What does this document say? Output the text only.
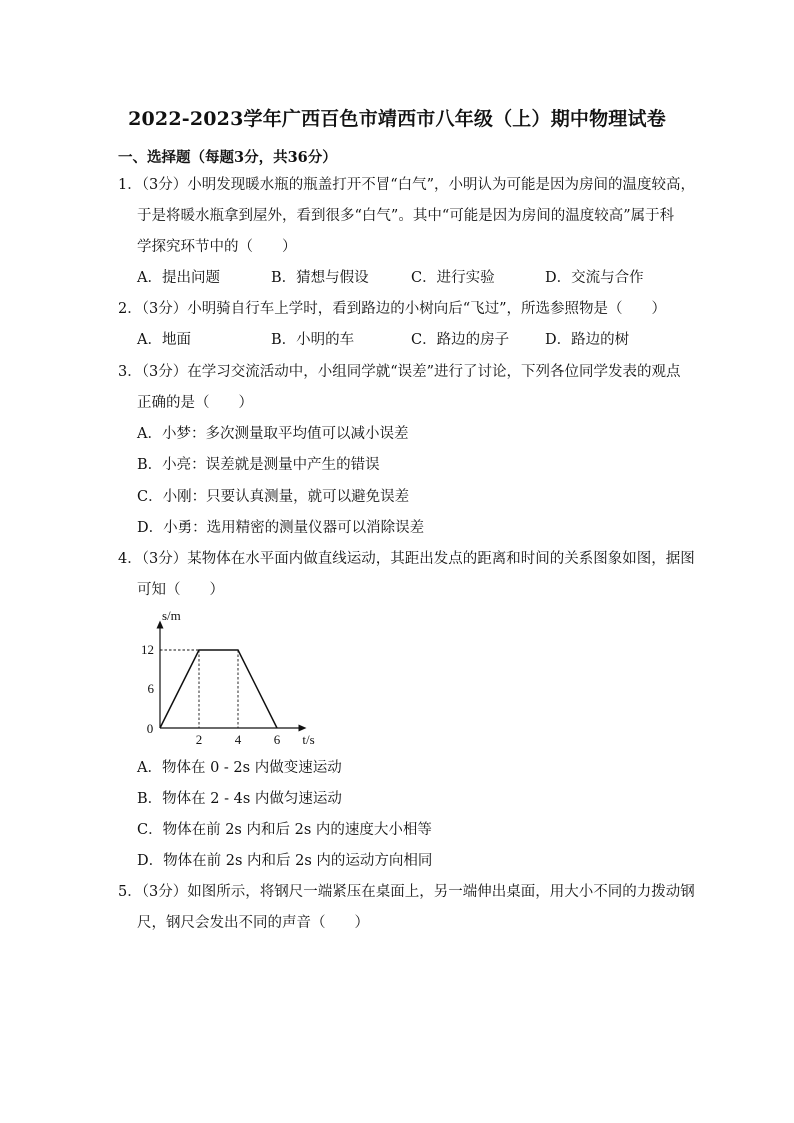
2022-2023学年广西百色市靖西市八年级（上）期中物理试卷
一、选择题（每题3分，共36分）
1．（3分）小明发现暖水瓶的瓶盖打开不冒“白气”，小明认为可能是因为房间的温度较高，
于是将暖水瓶拿到屋外，看到很多“白气”。其中“可能是因为房间的温度较高”属于科
学探究环节中的（　　）
A．提出问题	B．猜想与假设	C．进行实验	D．交流与合作
2．（3分）小明骑自行车上学时，看到路边的小树向后“飞过”，所选参照物是（　　）
A．地面	B．小明的车	C．路边的房子 D．路边的树
3．（3分）在学习交流活动中，小组同学就“误差”进行了讨论，下列各位同学发表的观点
正确的是（　　）
A．小梦：多次测量取平均值可以减小误差
B．小亮：误差就是测量中产生的错误
C．小刚：只要认真测量，就可以避免误差
D．小勇：选用精密的测量仪器可以消除误差
4．（3分）某物体在水平面内做直线运动，其距出发点的距离和时间的关系图象如图，据图
可知（　　）
s/m
t/s
0
12
6
2	4	6
A．物体在 0 - 2s 内做变速运动
B．物体在 2 - 4s 内做匀速运动
C．物体在前 2s 内和后 2s 内的速度大小相等
D．物体在前 2s 内和后 2s 内的运动方向相同
5．（3分）如图所示，将钢尺一端紧压在桌面上，另一端伸出桌面，用大小不同的力拨动钢
尺，钢尺会发出不同的声音（　　）
